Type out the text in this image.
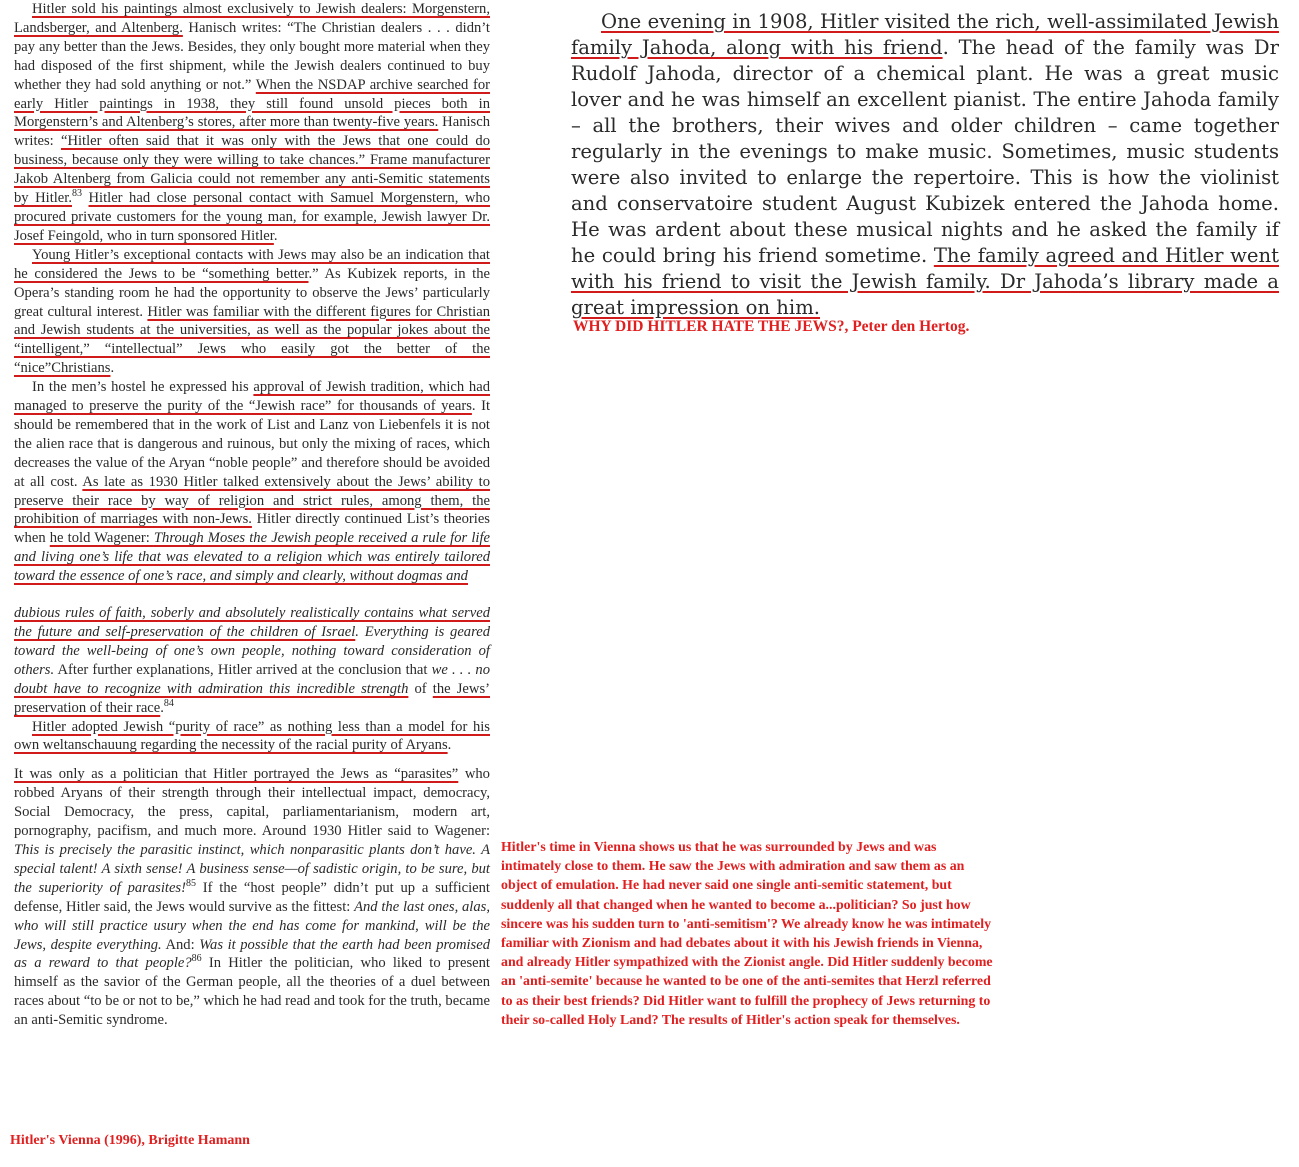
Hitler sold his paintings almost exclusively to Jewish dealers: Morgenstern, Landsberger, and Altenberg. Hanisch writes: “The Christian dealers . . . didn’t pay any better than the Jews. Besides, they only bought more material when they had disposed of the first shipment, while the Jewish dealers continued to buy whether they had sold anything or not.” When the NSDAP archive searched for early Hitler paintings in 1938, they still found unsold pieces both in Morgenstern’s and Altenberg’s stores, after more than twenty-five years. Hanisch writes: “Hitler often said that it was only with the Jews that one could do business, because only they were willing to take chances.” Frame manufacturer Jakob Altenberg from Galicia could not remember any anti-Semitic statements by Hitler.$^{83}$ Hitler had close personal contact with Samuel Morgenstern, who procured private customers for the young man, for example, Jewish lawyer Dr. Josef Feingold, who in turn sponsored Hitler.

Young Hitler’s exceptional contacts with Jews may also be an indication that he considered the Jews to be “something better.” As Kubizek reports, in the Opera’s standing room he had the opportunity to observe the Jews’ particularly great cultural interest. Hitler was familiar with the different figures for Christian and Jewish students at the universities, as well as the popular jokes about the “intelligent,” “intellectual” Jews who easily got the better of the “nice”Christians.

In the men’s hostel he expressed his approval of Jewish tradition, which had managed to preserve the purity of the “Jewish race” for thousands of years. It should be remembered that in the work of List and Lanz von Liebenfels it is not the alien race that is dangerous and ruinous, but only the mixing of races, which decreases the value of the Aryan “noble people” and therefore should be avoided at all cost. As late as 1930 Hitler talked extensively about the Jews’ ability to preserve their race by way of religion and strict rules, among them, the prohibition of marriages with non-Jews. Hitler directly continued List’s theories when he told Wagener: Through Moses the Jewish people received a rule for life and living one’s life that was elevated to a religion which was entirely tailored toward the essence of one’s race, and simply and clearly, without dogmas and

dubious rules of faith, soberly and absolutely realistically contains what served the future and self-preservation of the children of Israel. Everything is geared toward the well-being of one’s own people, nothing toward consideration of others. After further explanations, Hitler arrived at the conclusion that we . . . no doubt have to recognize with admiration this incredible strength of the Jews’ preservation of their race.$^{84}$

Hitler adopted Jewish “purity of race” as nothing less than a model for his own weltanschauung regarding the necessity of the racial purity of Aryans.

It was only as a politician that Hitler portrayed the Jews as “parasites” who robbed Aryans of their strength through their intellectual impact, democracy, Social Democracy, the press, capital, parliamentarianism, modern art, pornography, pacifism, and much more. Around 1930 Hitler said to Wagener: This is precisely the parasitic instinct, which nonparasitic plants don’t have. A special talent! A sixth sense! A business sense—of sadistic origin, to be sure, but the superiority of parasites!$^{85}$ If the “host people” didn’t put up a sufficient defense, Hitler said, the Jews would survive as the fittest: And the last ones, alas, who will still practice usury when the end has come for mankind, will be the Jews, despite everything. And: Was it possible that the earth had been promised as a reward to that people?$^{86}$ In Hitler the politician, who liked to present himself as the savior of the German people, all the theories of a duel between races about “to be or not to be,” which he had read and took for the truth, became an anti-Semitic syndrome.

Hitler's Vienna (1996), Brigitte Hamann

One evening in 1908, Hitler visited the rich, well-assimilated Jewish family Jahoda, along with his friend. The head of the family was Dr Rudolf Jahoda, director of a chemical plant. He was a great music lover and he was himself an excellent pianist. The entire Jahoda family – all the brothers, their wives and older children – came together regularly in the evenings to make music. Sometimes, music students were also invited to enlarge the repertoire. This is how the violinist and conservatoire student August Kubizek entered the Jahoda home. He was ardent about these musical nights and he asked the family if he could bring his friend sometime. The family agreed and Hitler went with his friend to visit the Jewish family. Dr Jahoda’s library made a great impression on him.

WHY DID HITLER HATE THE JEWS?, Peter den Hertog.

Hitler's time in Vienna shows us that he was surrounded by Jews and was intimately close to them. He saw the Jews with admiration and saw them as an object of emulation. He had never said one single anti-semitic statement, but suddenly all that changed when he wanted to become a...politician? So just how sincere was his sudden turn to 'anti-semitism'? We already know he was intimately familiar with Zionism and had debates about it with his Jewish friends in Vienna, and already Hitler sympathized with the Zionist angle. Did Hitler suddenly become an 'anti-semite' because he wanted to be one of the anti-semites that Herzl referred to as their best friends? Did Hitler want to fulfill the prophecy of Jews returning to their so-called Holy Land? The results of Hitler's action speak for themselves.
